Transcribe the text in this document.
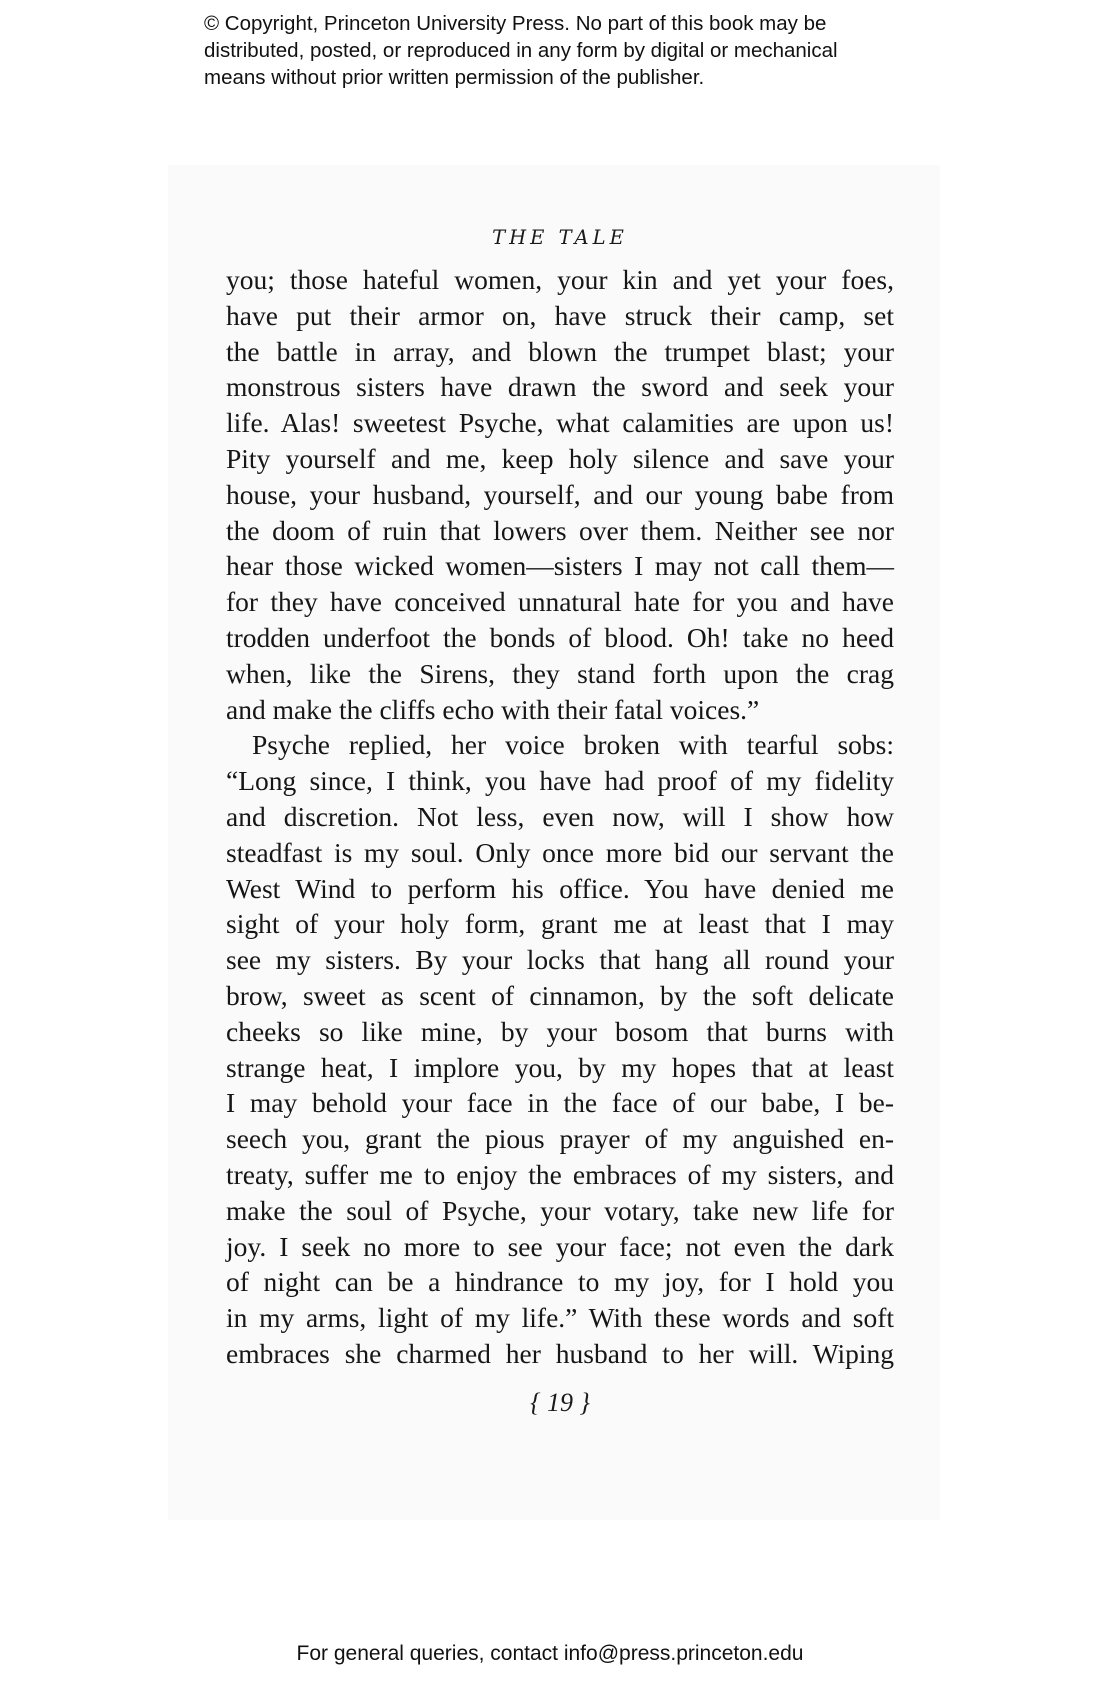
© Copyright, Princeton University Press. No part of this book may be
distributed, posted, or reproduced in any form by digital or mechanical
means without prior written permission of the publisher.
THE TALE
you; those hateful women, your kin and yet your foes,
have put their armor on, have struck their camp, set
the battle in array, and blown the trumpet blast; your
monstrous sisters have drawn the sword and seek your
life. Alas! sweetest Psyche, what calamities are upon us!
Pity yourself and me, keep holy silence and save your
house, your husband, yourself, and our young babe from
the doom of ruin that lowers over them. Neither see nor
hear those wicked women—sisters I may not call them—
for they have conceived unnatural hate for you and have
trodden underfoot the bonds of blood. Oh! take no heed
when, like the Sirens, they stand forth upon the crag
and make the cliffs echo with their fatal voices.”
Psyche replied, her voice broken with tearful sobs:
“Long since, I think, you have had proof of my fidelity
and discretion. Not less, even now, will I show how
steadfast is my soul. Only once more bid our servant the
West Wind to perform his office. You have denied me
sight of your holy form, grant me at least that I may
see my sisters. By your locks that hang all round your
brow, sweet as scent of cinnamon, by the soft delicate
cheeks so like mine, by your bosom that burns with
strange heat, I implore you, by my hopes that at least
I may behold your face in the face of our babe, I be-
seech you, grant the pious prayer of my anguished en-
treaty, suffer me to enjoy the embraces of my sisters, and
make the soul of Psyche, your votary, take new life for
joy. I seek no more to see your face; not even the dark
of night can be a hindrance to my joy, for I hold you
in my arms, light of my life.” With these words and soft
embraces she charmed her husband to her will. Wiping
{ 19 }
For general queries, contact info@press.princeton.edu
